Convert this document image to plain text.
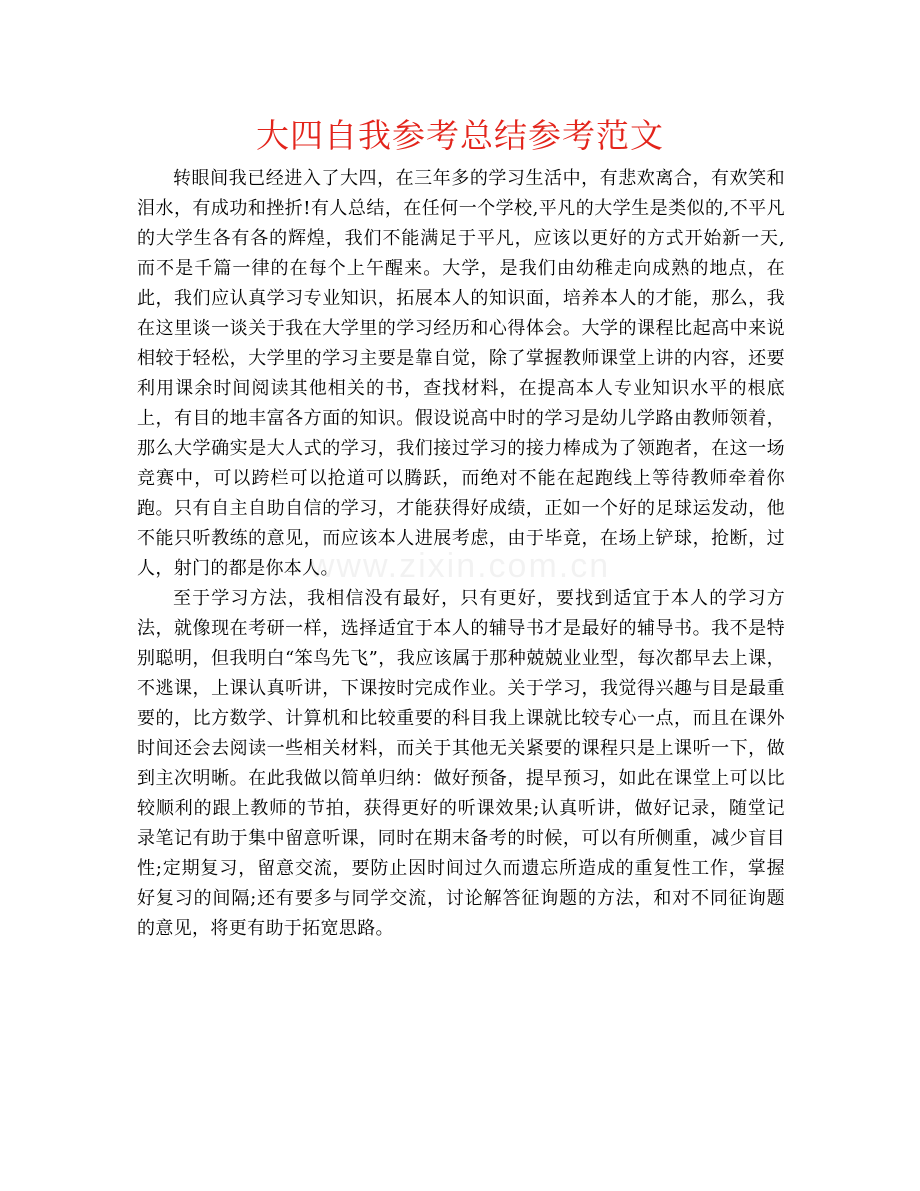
大四自我参考总结参考范文

转眼间我已经进入了大四，在三年多的学习生活中，有悲欢离合，有欢笑和泪水，有成功和挫折!有人总结，在任何一个学校,平凡的大学生是类似的,不平凡的大学生各有各的辉煌，我们不能满足于平凡，应该以更好的方式开始新一天,而不是千篇一律的在每个上午醒来。大学，是我们由幼稚走向成熟的地点，在此，我们应认真学习专业知识，拓展本人的知识面，培养本人的才能，那么，我在这里谈一谈关于我在大学里的学习经历和心得体会。大学的课程比起高中来说相较于轻松，大学里的学习主要是靠自觉，除了掌握教师课堂上讲的内容，还要利用课余时间阅读其他相关的书，查找材料，在提高本人专业知识水平的根底上，有目的地丰富各方面的知识。假设说高中时的学习是幼儿学路由教师领着，那么大学确实是大人式的学习，我们接过学习的接力棒成为了领跑者，在这一场竞赛中，可以跨栏可以抢道可以腾跃，而绝对不能在起跑线上等待教师牵着你跑。只有自主自助自信的学习，才能获得好成绩，正如一个好的足球运发动，他不能只听教练的意见，而应该本人进展考虑，由于毕竟，在场上铲球，抢断，过人，射门的都是你本人。

至于学习方法，我相信没有最好，只有更好，要找到适宜于本人的学习方法，就像现在考研一样，选择适宜于本人的辅导书才是最好的辅导书。我不是特别聪明，但我明白“笨鸟先飞”，我应该属于那种兢兢业业型，每次都早去上课，不逃课，上课认真听讲，下课按时完成作业。关于学习，我觉得兴趣与目是最重要的，比方数学、计算机和比较重要的科目我上课就比较专心一点，而且在课外时间还会去阅读一些相关材料，而关于其他无关紧要的课程只是上课听一下，做到主次明晰。在此我做以简单归纳：做好预备，提早预习，如此在课堂上可以比较顺利的跟上教师的节拍，获得更好的听课效果;认真听讲，做好记录，随堂记录笔记有助于集中留意听课，同时在期末备考的时候，可以有所侧重，减少盲目性;定期复习，留意交流，要防止因时间过久而遗忘所造成的重复性工作，掌握好复习的间隔;还有要多与同学交流，讨论解答征询题的方法，和对不同征询题的意见，将更有助于拓宽思路。

www.zixin.com.cn
